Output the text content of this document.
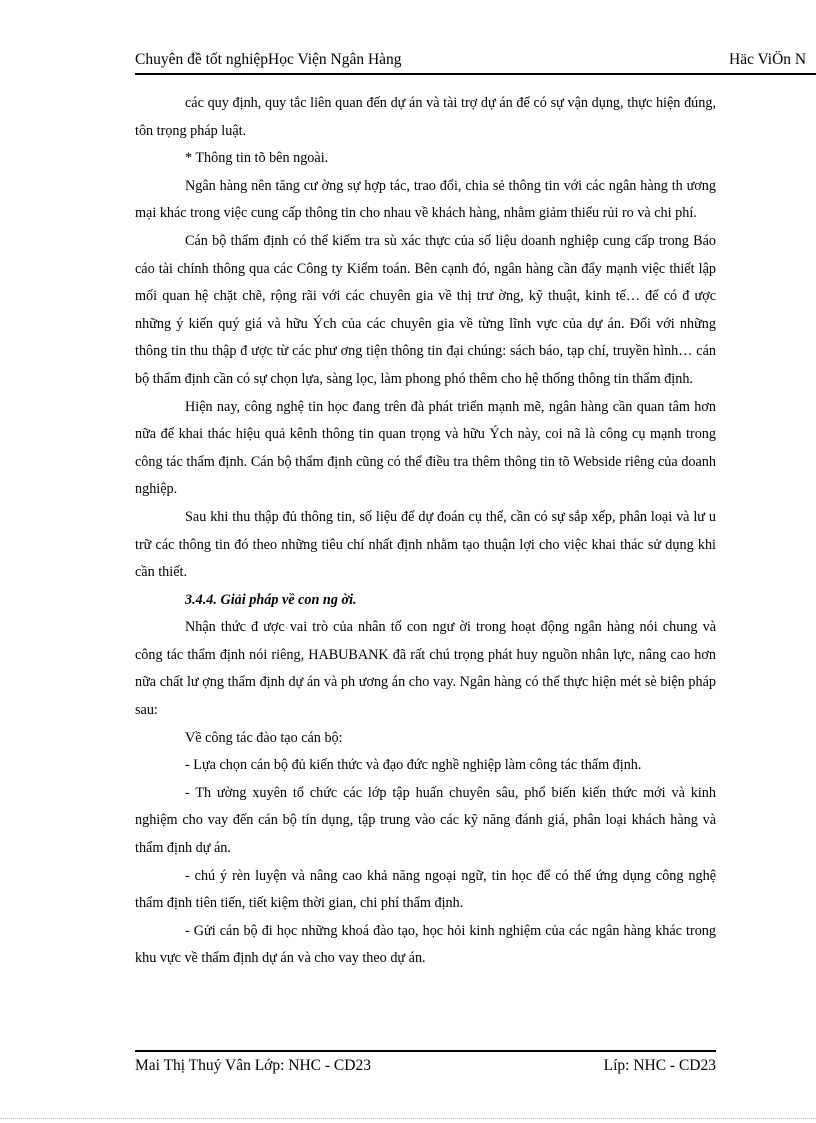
Chuyên đề tốt nghiệpHọc Viện Ngân Hàng	Häc ViÖn N

các quy định, quy tắc liên quan đến dự án và tài trợ dự án để có sự vận dụng, thực hiện đúng, tôn trọng pháp luật.

* Thông tin tõ bên ngoài.

Ngân hàng nên tăng cư ờng sự hợp tác, trao đổi, chia sẻ thông tin với các ngân hàng th ương mại khác trong việc cung cấp thông tin cho nhau về khách hàng, nhằm giảm thiểu rủi ro và chi phí.

Cán bộ thẩm định có thể kiểm tra sù xác thực của số liệu doanh nghiệp cung cấp trong Báo cáo tài chính thông qua các Công ty Kiểm toán. Bên cạnh đó, ngân hàng cần đẩy mạnh việc thiết lập mối quan hệ chặt chẽ, rộng rãi với các chuyên gia về thị trư ờng, kỹ thuật, kinh tế… để có đ ược những ý kiến quý giá và hữu Ých của các chuyên gia về từng lĩnh vực của dự án. Đối với những thông tin thu thập đ ược từ các phư ơng tiện thông tin đại chúng: sách báo, tạp chí, truyền hình… cán bộ thẩm định cần có sự chọn lựa, sàng lọc, làm phong phó thêm cho hệ thống thông tin thẩm định.

Hiện nay, công nghệ tin học đang trên đà phát triển mạnh mẽ, ngân hàng cần quan tâm hơn nữa để khai thác hiệu quả kênh thông tin quan trọng và hữu Ých này, coi nã là công cụ mạnh trong công tác thẩm định. Cán bộ thẩm định cũng có thể điều tra thêm thông tin tõ Webside riêng của doanh nghiệp.

Sau khi thu thập đủ thông tin, số liệu để dự đoán cụ thể, cần có sự sắp xếp, phân loại và lư u trữ các thông tin đó theo những tiêu chí nhất định nhằm tạo thuận lợi cho việc khai thác sử dụng khi cần thiết.

3.4.4. Giải pháp về con ng ời.

Nhận thức đ ược vai trò của nhân tố con ngư ời trong hoạt động ngân hàng nói chung và công tác thẩm định nói riêng, HABUBANK đã rất chú trọng phát huy nguồn nhân lực, nâng cao hơn nữa chất lư ợng thẩm định dự án và ph ương án cho vay. Ngân hàng có thể thực hiện mét sè biện pháp sau:

Về công tác đào tạo cán bộ:

- Lựa chọn cán bộ đủ kiến thức và đạo đức nghề nghiệp làm công tác thẩm định.

- Th ường xuyên tổ chức các lớp tập huấn chuyên sâu, phổ biến kiến thức mới và kinh nghiệm cho vay đến cán bộ tín dụng, tập trung vào các kỹ năng đánh giá, phân loại khách hàng và thẩm định dự án.

- chú ý rèn luyện và nâng cao khả năng ngoại ngữ, tin học để có thể ứng dụng công nghệ thẩm định tiên tiến, tiết kiệm thời gian, chi phí thẩm định.

- Gửi cán bộ đi học những khoá đào tạo, học hỏi kinh nghiệm của các ngân hàng khác trong khu vực về thẩm định dự án và cho vay theo dự án.

Mai Thị Thuý Vân Lớp: NHC - CD23	Líp: NHC - CD23
